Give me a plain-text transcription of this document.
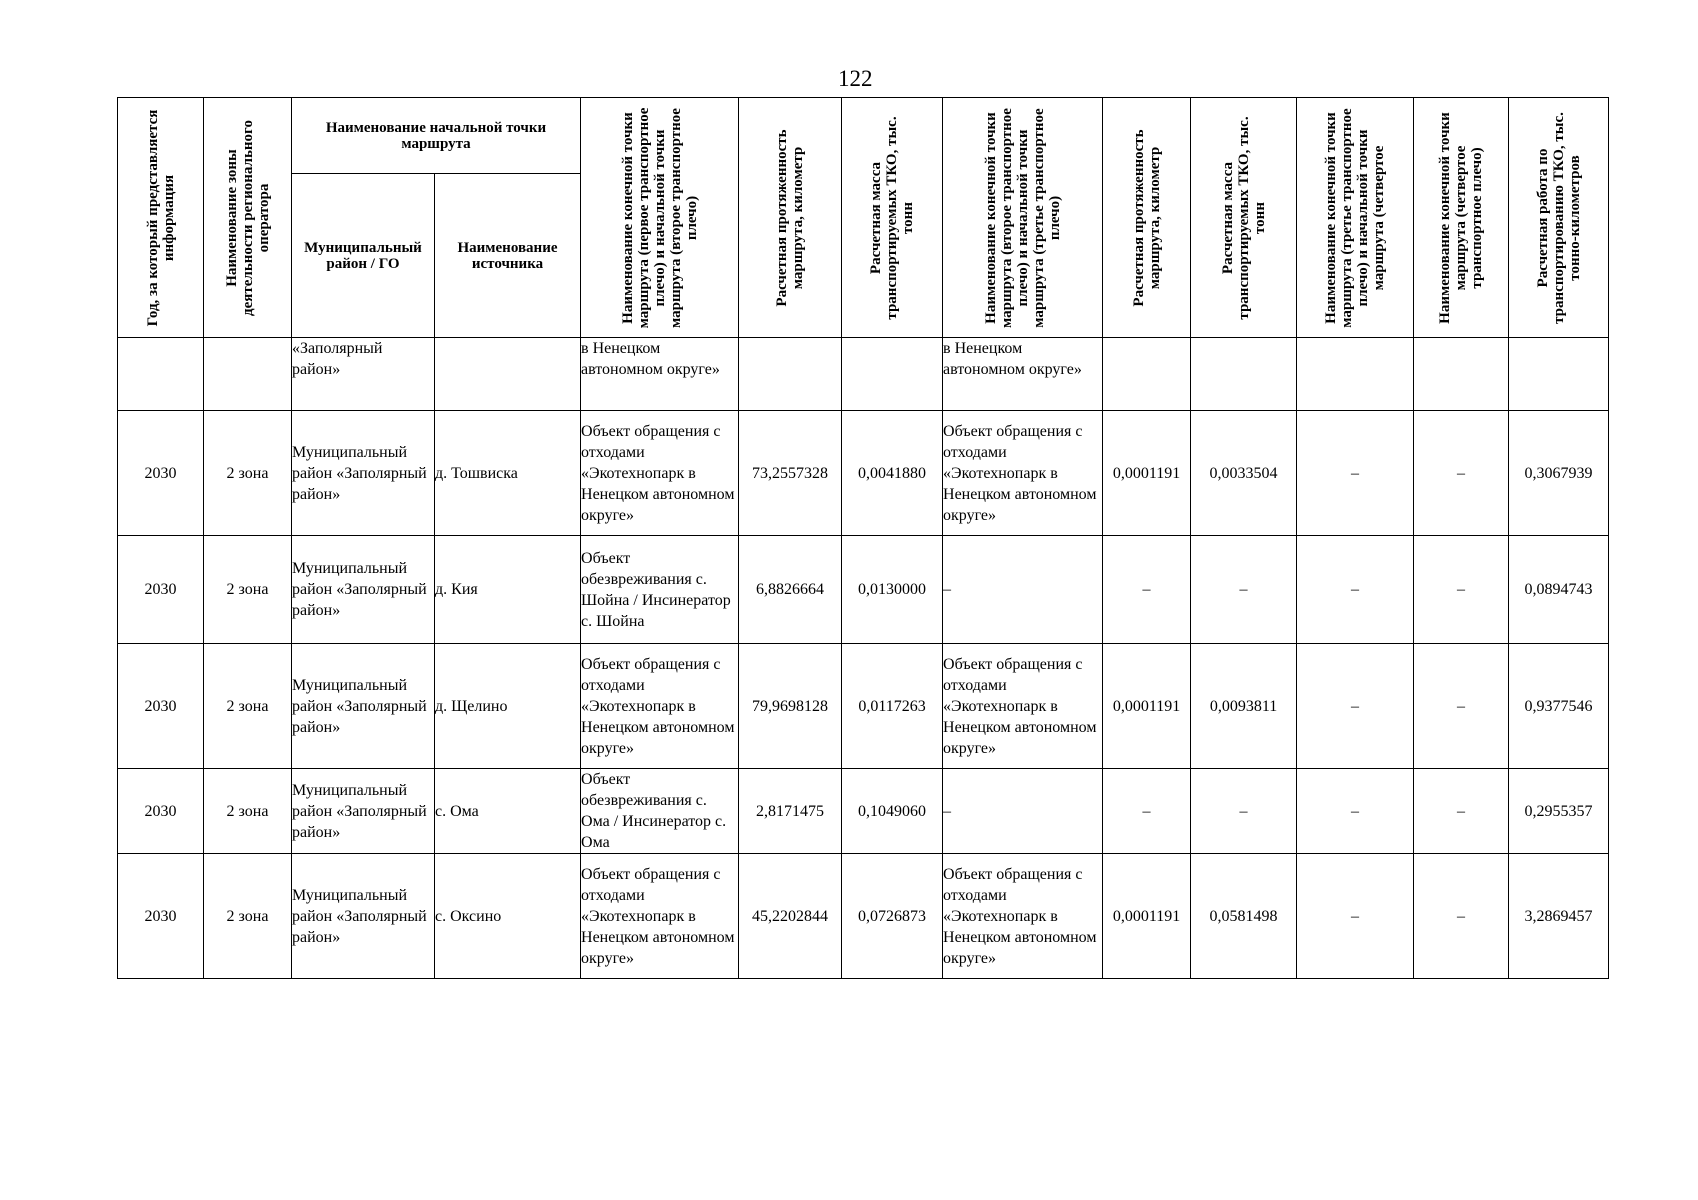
122
Год, за который представляется информация	Наименование зоны деятельности регионального оператора	Наименование начальной точки маршрута		Наименование конечной точки маршрута (первое транспортное плечо) и начальной точки маршрута (второе транспортное плечо)	Расчетная протяженность маршрута, километр	Расчетная масса транспортируемых ТКО, тыс. тонн	Наименование конечной точки маршрута (второе транспортное плечо) и начальной точки маршрута (третье транспортное плечо)	Расчетная протяженность маршрута, километр	Расчетная масса транспортируемых ТКО, тыс. тонн	Наименование конечной точки маршрута (третье транспортное плечо) и начальной точки маршрута (четвертое	Наименование конечной точки маршрута (четвертое транспортное плечо)	Расчетная работа по транспортированию ТКО, тыс. тонно-километров

		Муниципальный район / ГО	Наименование источника									
		«Заполярный район»		в Ненецком автономном округе»			в Ненецком автономном округе»					
2030	2 зона	Муниципальный район «Заполярный район»	д. Тошвиска	Объект обращения с отходами «Экотехнопарк в Ненецком автономном округе»	73,2557328	0,0041880	Объект обращения с отходами «Экотехнопарк в Ненецком автономном округе»	0,0001191	0,0033504	–	–	0,3067939
2030	2 зона	Муниципальный район «Заполярный район»	д. Кия	Объект обезвреживания с. Шойна / Инсинератор с. Шойна	6,8826664	0,0130000	–	–	–	–	–	0,0894743
2030	2 зона	Муниципальный район «Заполярный район»	д. Щелино	Объект обращения с отходами «Экотехнопарк в Ненецком автономном округе»	79,9698128	0,0117263	Объект обращения с отходами «Экотехнопарк в Ненецком автономном округе»	0,0001191	0,0093811	–	–	0,9377546
2030	2 зона	Муниципальный район «Заполярный район»	с. Ома	Объект обезвреживания с. Ома / Инсинератор с. Ома	2,8171475	0,1049060	–	–	–	–	–	0,2955357
2030	2 зона	Муниципальный район «Заполярный район»	с. Оксино	Объект обращения с отходами «Экотехнопарк в Ненецком автономном округе»	45,2202844	0,0726873	Объект обращения с отходами «Экотехнопарк в Ненецком автономном округе»	0,0001191	0,0581498	–	–	3,2869457
